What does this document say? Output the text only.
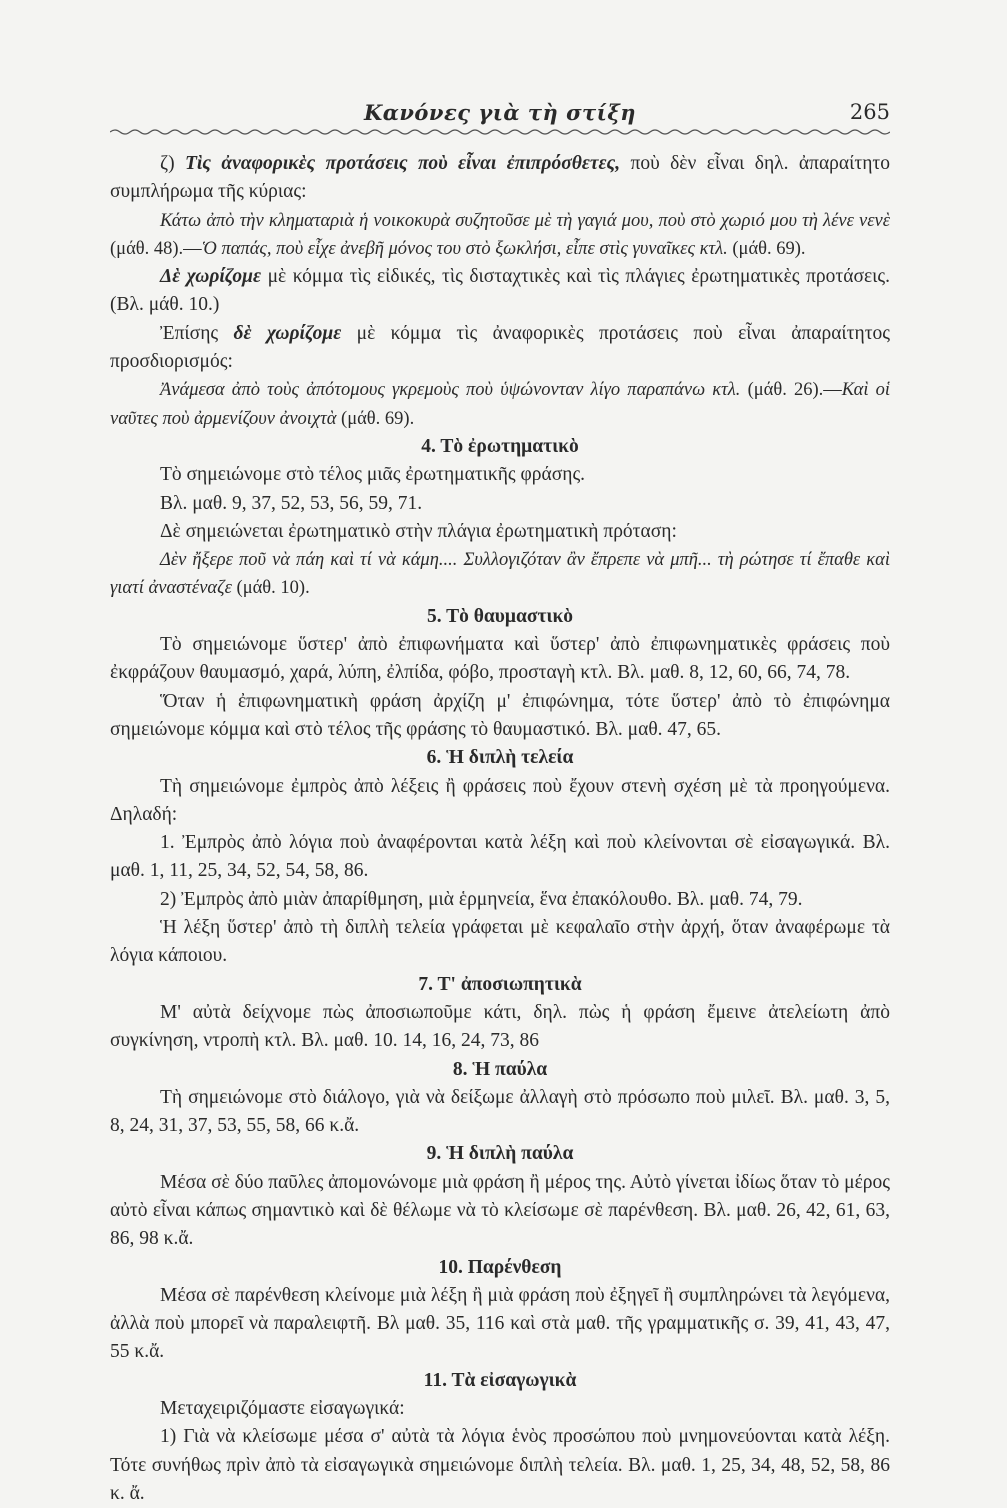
Κανόνες γιὰ τὴ στίξη	265

ζ) Τὶς ἀναφορικὲς προτάσεις ποὺ εἶναι ἐπιπρόσθετες, ποὺ δὲν εἶναι δηλ. ἀπαραίτητο συμπλήρωμα τῆς κύριας:

Κάτω ἀπὸ τὴν κληματαριὰ ἡ νοικοκυρὰ συζητοῦσε μὲ τὴ γαγιά μου, ποὺ στὸ χωριό μου τὴ λένε νενὲ (μάθ. 48).—Ὁ παπάς, ποὺ εἶχε ἀνεβῆ μόνος του στὸ ξωκλήσι, εἶπε στὶς γυναῖκες κτλ. (μάθ. 69).

Δὲ χωρίζομε μὲ κόμμα τὶς εἰδικές, τὶς δισταχτικὲς καὶ τὶς πλάγιες ἐρωτηματικὲς προτάσεις. (Βλ. μάθ. 10.)

Ἐπίσης δὲ χωρίζομε μὲ κόμμα τὶς ἀναφορικὲς προτάσεις ποὺ εἶναι ἀπαραίτητος προσδιορισμός:

Ἀνάμεσα ἀπὸ τοὺς ἀπότομους γκρεμοὺς ποὺ ὑψώνονταν λίγο παραπάνω κτλ. (μάθ. 26).—Καὶ οἱ ναῦτες ποὺ ἀρμενίζουν ἀνοιχτὰ (μάθ. 69).

4. Τὸ ἐρωτηματικὸ

Τὸ σημειώνομε στὸ τέλος μιᾶς ἐρωτηματικῆς φράσης.

Βλ. μαθ. 9, 37, 52, 53, 56, 59, 71.

Δὲ σημειώνεται ἐρωτηματικὸ στὴν πλάγια ἐρωτηματικὴ πρόταση:

Δὲν ἤξερε ποῦ νὰ πάη καὶ τί νὰ κάμη.... Συλλογιζόταν ἂν ἔπρεπε νὰ μπῆ... τὴ ρώτησε τί ἔπαθε καὶ γιατί ἀναστέναζε (μάθ. 10).

5. Τὸ θαυμαστικὸ

Τὸ σημειώνομε ὕστερ' ἀπὸ ἐπιφωνήματα καὶ ὕστερ' ἀπὸ ἐπιφωνηματικὲς φράσεις ποὺ ἐκφράζουν θαυμασμό, χαρά, λύπη, ἐλπίδα, φόβο, προσταγὴ κτλ. Βλ. μαθ. 8, 12, 60, 66, 74, 78.

Ὅταν ἡ ἐπιφωνηματικὴ φράση ἀρχίζη μ' ἐπιφώνημα, τότε ὕστερ' ἀπὸ τὸ ἐπιφώνημα σημειώνομε κόμμα καὶ στὸ τέλος τῆς φράσης τὸ θαυμαστικό. Βλ. μαθ. 47, 65.

6. Ἡ διπλὴ τελεία

Τὴ σημειώνομε ἐμπρὸς ἀπὸ λέξεις ἢ φράσεις ποὺ ἔχουν στενὴ σχέση μὲ τὰ προηγούμενα. Δηλαδή:

1. Ἐμπρὸς ἀπὸ λόγια ποὺ ἀναφέρονται κατὰ λέξη καὶ ποὺ κλείνονται σὲ εἰσαγωγικά. Βλ. μαθ. 1, 11, 25, 34, 52, 54, 58, 86.

2) Ἐμπρὸς ἀπὸ μιὰν ἀπαρίθμηση, μιὰ ἑρμηνεία, ἕνα ἐπακόλουθο. Βλ. μαθ. 74, 79.

Ἡ λέξη ὕστερ' ἀπὸ τὴ διπλὴ τελεία γράφεται μὲ κεφαλαῖο στὴν ἀρχή, ὅταν ἀναφέρωμε τὰ λόγια κάποιου.

7. Τ' ἀποσιωπητικὰ

Μ' αὐτὰ δείχνομε πὼς ἀποσιωποῦμε κάτι, δηλ. πὼς ἡ φράση ἔμεινε ἀτελείωτη ἀπὸ συγκίνηση, ντροπὴ κτλ. Βλ. μαθ. 10. 14, 16, 24, 73, 86

8. Ἡ παύλα

Τὴ σημειώνομε στὸ διάλογο, γιὰ νὰ δείξωμε ἀλλαγὴ στὸ πρόσωπο ποὺ μιλεῖ. Βλ. μαθ. 3, 5, 8, 24, 31, 37, 53, 55, 58, 66 κ.ἄ.

9. Ἡ διπλὴ παύλα

Μέσα σὲ δύο παῦλες ἀπομονώνομε μιὰ φράση ἢ μέρος της. Αὐτὸ γίνεται ἰδίως ὅταν τὸ μέρος αὐτὸ εἶναι κάπως σημαντικὸ καὶ δὲ θέλωμε νὰ τὸ κλείσωμε σὲ παρένθεση. Βλ. μαθ. 26, 42, 61, 63, 86, 98 κ.ἄ.

10. Παρένθεση

Μέσα σὲ παρένθεση κλείνομε μιὰ λέξη ἢ μιὰ φράση ποὺ ἐξηγεῖ ἢ συμπληρώνει τὰ λεγόμενα, ἀλλὰ ποὺ μπορεῖ νὰ παραλειφτῆ. Βλ μαθ. 35, 116 καὶ στὰ μαθ. τῆς γραμματικῆς σ. 39, 41, 43, 47, 55 κ.ἄ.

11. Τὰ εἰσαγωγικὰ

Μεταχειριζόμαστε εἰσαγωγικά:

1) Γιὰ νὰ κλείσωμε μέσα σ' αὐτὰ τὰ λόγια ἑνὸς προσώπου ποὺ μνημονεύονται κατὰ λέξη. Τότε συνήθως πρὶν ἀπὸ τὰ εἰσαγωγικὰ σημειώνομε διπλὴ τελεία. Βλ. μαθ. 1, 25, 34, 48, 52, 58, 86 κ. ἄ.
